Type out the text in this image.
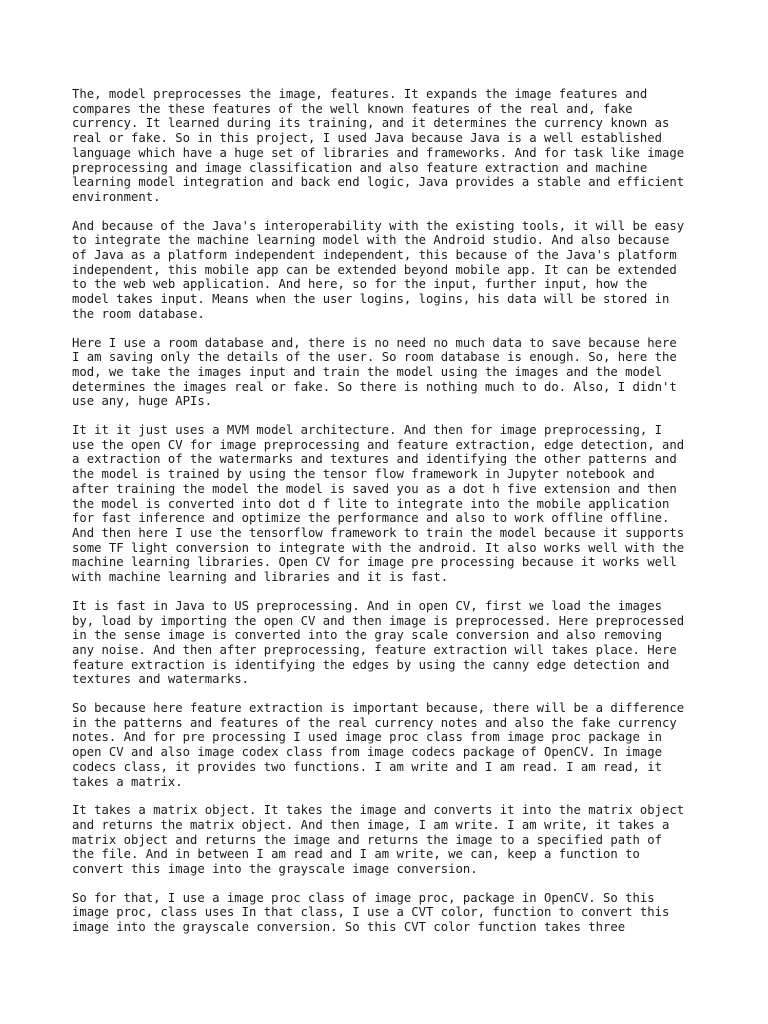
The, model preprocesses the image, features. It expands the image features and
compares the these features of the well known features of the real and, fake
currency. It learned during its training, and it determines the currency known as
real or fake. So in this project, I used Java because Java is a well established
language which have a huge set of libraries and frameworks. And for task like image
preprocessing and image classification and also feature extraction and machine
learning model integration and back end logic, Java provides a stable and efficient
environment.

And because of the Java's interoperability with the existing tools, it will be easy
to integrate the machine learning model with the Android studio. And also because
of Java as a platform independent independent, this because of the Java's platform
independent, this mobile app can be extended beyond mobile app. It can be extended
to the web web application. And here, so for the input, further input, how the
model takes input. Means when the user logins, logins, his data will be stored in
the room database.

Here I use a room database and, there is no need no much data to save because here
I am saving only the details of the user. So room database is enough. So, here the
mod, we take the images input and train the model using the images and the model
determines the images real or fake. So there is nothing much to do. Also, I didn't
use any, huge APIs.

It it it just uses a MVM model architecture. And then for image preprocessing, I
use the open CV for image preprocessing and feature extraction, edge detection, and
a extraction of the watermarks and textures and identifying the other patterns and
the model is trained by using the tensor flow framework in Jupyter notebook and
after training the model the model is saved you as a dot h five extension and then
the model is converted into dot d f lite to integrate into the mobile application
for fast inference and optimize the performance and also to work offline offline.
And then here I use the tensorflow framework to train the model because it supports
some TF light conversion to integrate with the android. It also works well with the
machine learning libraries. Open CV for image pre processing because it works well
with machine learning and libraries and it is fast.

It is fast in Java to US preprocessing. And in open CV, first we load the images
by, load by importing the open CV and then image is preprocessed. Here preprocessed
in the sense image is converted into the gray scale conversion and also removing
any noise. And then after preprocessing, feature extraction will takes place. Here
feature extraction is identifying the edges by using the canny edge detection and
textures and watermarks.

So because here feature extraction is important because, there will be a difference
in the patterns and features of the real currency notes and also the fake currency
notes. And for pre processing I used image proc class from image proc package in
open CV and also image codex class from image codecs package of OpenCV. In image
codecs class, it provides two functions. I am write and I am read. I am read, it
takes a matrix.

It takes a matrix object. It takes the image and converts it into the matrix object
and returns the matrix object. And then image, I am write. I am write, it takes a
matrix object and returns the image and returns the image to a specified path of
the file. And in between I am read and I am write, we can, keep a function to
convert this image into the grayscale image conversion.

So for that, I use a image proc class of image proc, package in OpenCV. So this
image proc, class uses In that class, I use a CVT color, function to convert this
image into the grayscale conversion. So this CVT color function takes three
